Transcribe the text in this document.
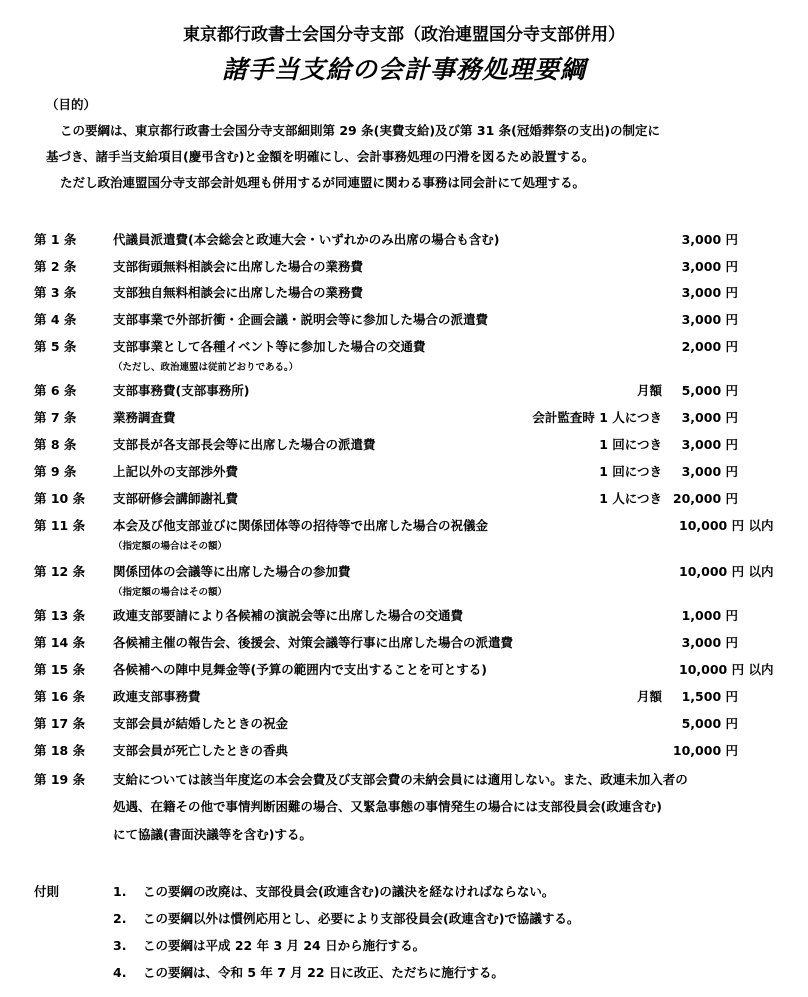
東京都行政書士会国分寺支部（政治連盟国分寺支部併用）
諸手当支給の会計事務処理要綱
（目的）
この要綱は、東京都行政書士会国分寺支部細則第 29 条(実費支給)及び第 31 条(冠婚葬祭の支出)の制定に
基づき、諸手当支給項目(慶弔含む)と金額を明確にし、会計事務処理の円滑を図るため設置する。
ただし政治連盟国分寺支部会計処理も併用するが同連盟に関わる事務は同会計にて処理する。
第 1 条	代議員派遣費(本会総会と政連大会・いずれかのみ出席の場合も含む)	3,000 円
第 2 条	支部街頭無料相談会に出席した場合の業務費	3,000 円
第 3 条	支部独自無料相談会に出席した場合の業務費	3,000 円
第 4 条	支部事業で外部折衝・企画会議・説明会等に参加した場合の派遣費	3,000 円
第 5 条	支部事業として各種イベント等に参加した場合の交通費	2,000 円
（ただし、政治連盟は従前どおりである。）
第 6 条	支部事務費(支部事務所)	月額	5,000 円
第 7 条	業務調査費	会計監査時 1 人につき	3,000 円
第 8 条	支部長が各支部長会等に出席した場合の派遣費	1 回につき	3,000 円
第 9 条	上記以外の支部渉外費	1 回につき	3,000 円
第 10 条 支部研修会講師謝礼費	1 人につき 20,000 円
第 11 条 本会及び他支部並びに関係団体等の招待等で出席した場合の祝儀金	10,000 円 以内
（指定額の場合はその額）
第 12 条 関係団体の会議等に出席した場合の参加費	10,000 円 以内
（指定額の場合はその額）
第 13 条 政連支部要請により各候補の演説会等に出席した場合の交通費	1,000 円
第 14 条 各候補主催の報告会、後援会、対策会議等行事に出席した場合の派遣費	3,000 円
第 15 条 各候補への陣中見舞金等(予算の範囲内で支出することを可とする)	10,000 円 以内
第 16 条 政連支部事務費	月額	1,500 円
第 17 条 支部会員が結婚したときの祝金	5,000 円
第 18 条 支部会員が死亡したときの香典	10,000 円
第 19 条 支給については該当年度迄の本会会費及び支部会費の未納会員には適用しない。また、政連未加入者の
処遇、在籍その他で事情判断困難の場合、又緊急事態の事情発生の場合には支部役員会(政連含む)
にて協議(書面決議等を含む)する。
付則	1. この要綱の改廃は、支部役員会(政連含む)の議決を経なければならない。
2. この要綱以外は慣例応用とし、必要により支部役員会(政連含む)で協議する。
3. この要綱は平成 22 年 3 月 24 日から施行する。
4. この要綱は、令和 5 年 7 月 22 日に改正、ただちに施行する。
